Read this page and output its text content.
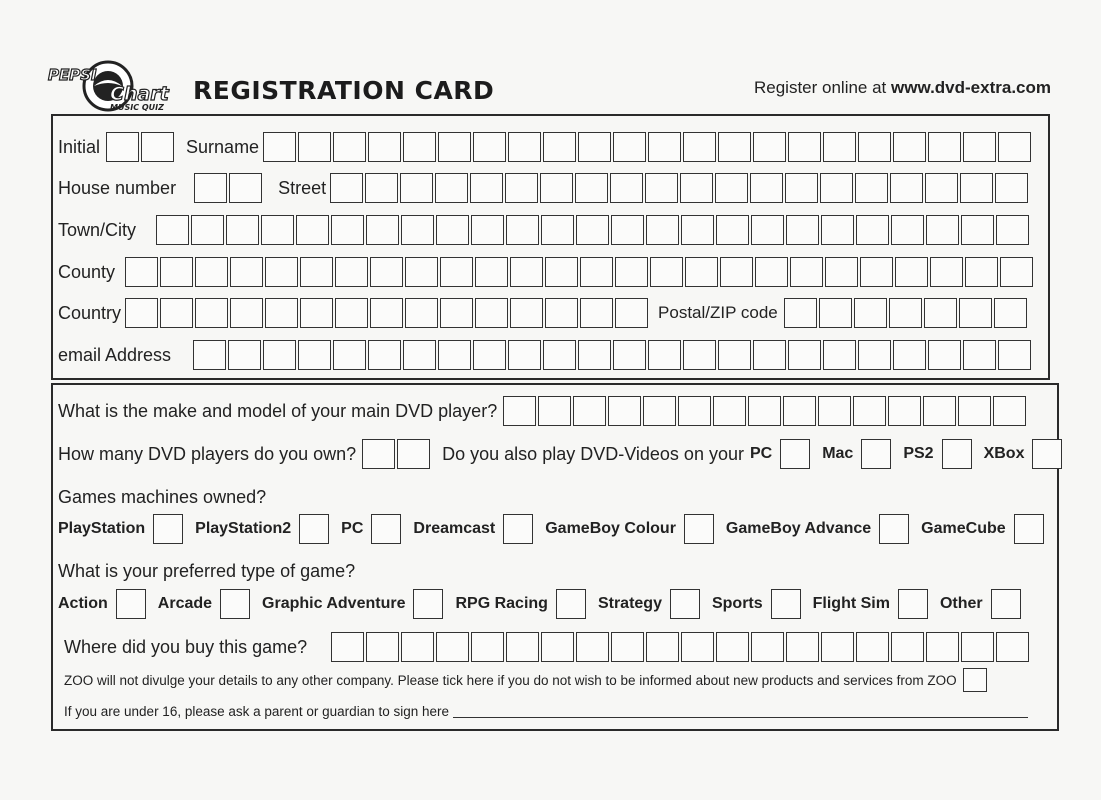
PEPSI
Chart
MUSIC QUIZ
REGISTRATION CARD	Register online at www.dvd-extra.com
Initial	Surname
House number	Street
Town/City
County
Country	Postal/ZIP code
email Address
What is the make and model of your main DVD player?
How many DVD players do you own?	Do you also play DVD-Videos on your PC	Mac	PS2	XBox
Games machines owned?
PlayStation	PlayStation2	PC	Dreamcast	GameBoy Colour	GameBoy Advance	GameCube
What is your preferred type of game?
Action	Arcade	Graphic Adventure	RPG Racing	Strategy	Sports	Flight Sim	Other
Where did you buy this game?
ZOO will not divulge your details to any other company. Please tick here if you do not wish to be informed about new products and services from ZOO
If you are under 16, please ask a parent or guardian to sign here
